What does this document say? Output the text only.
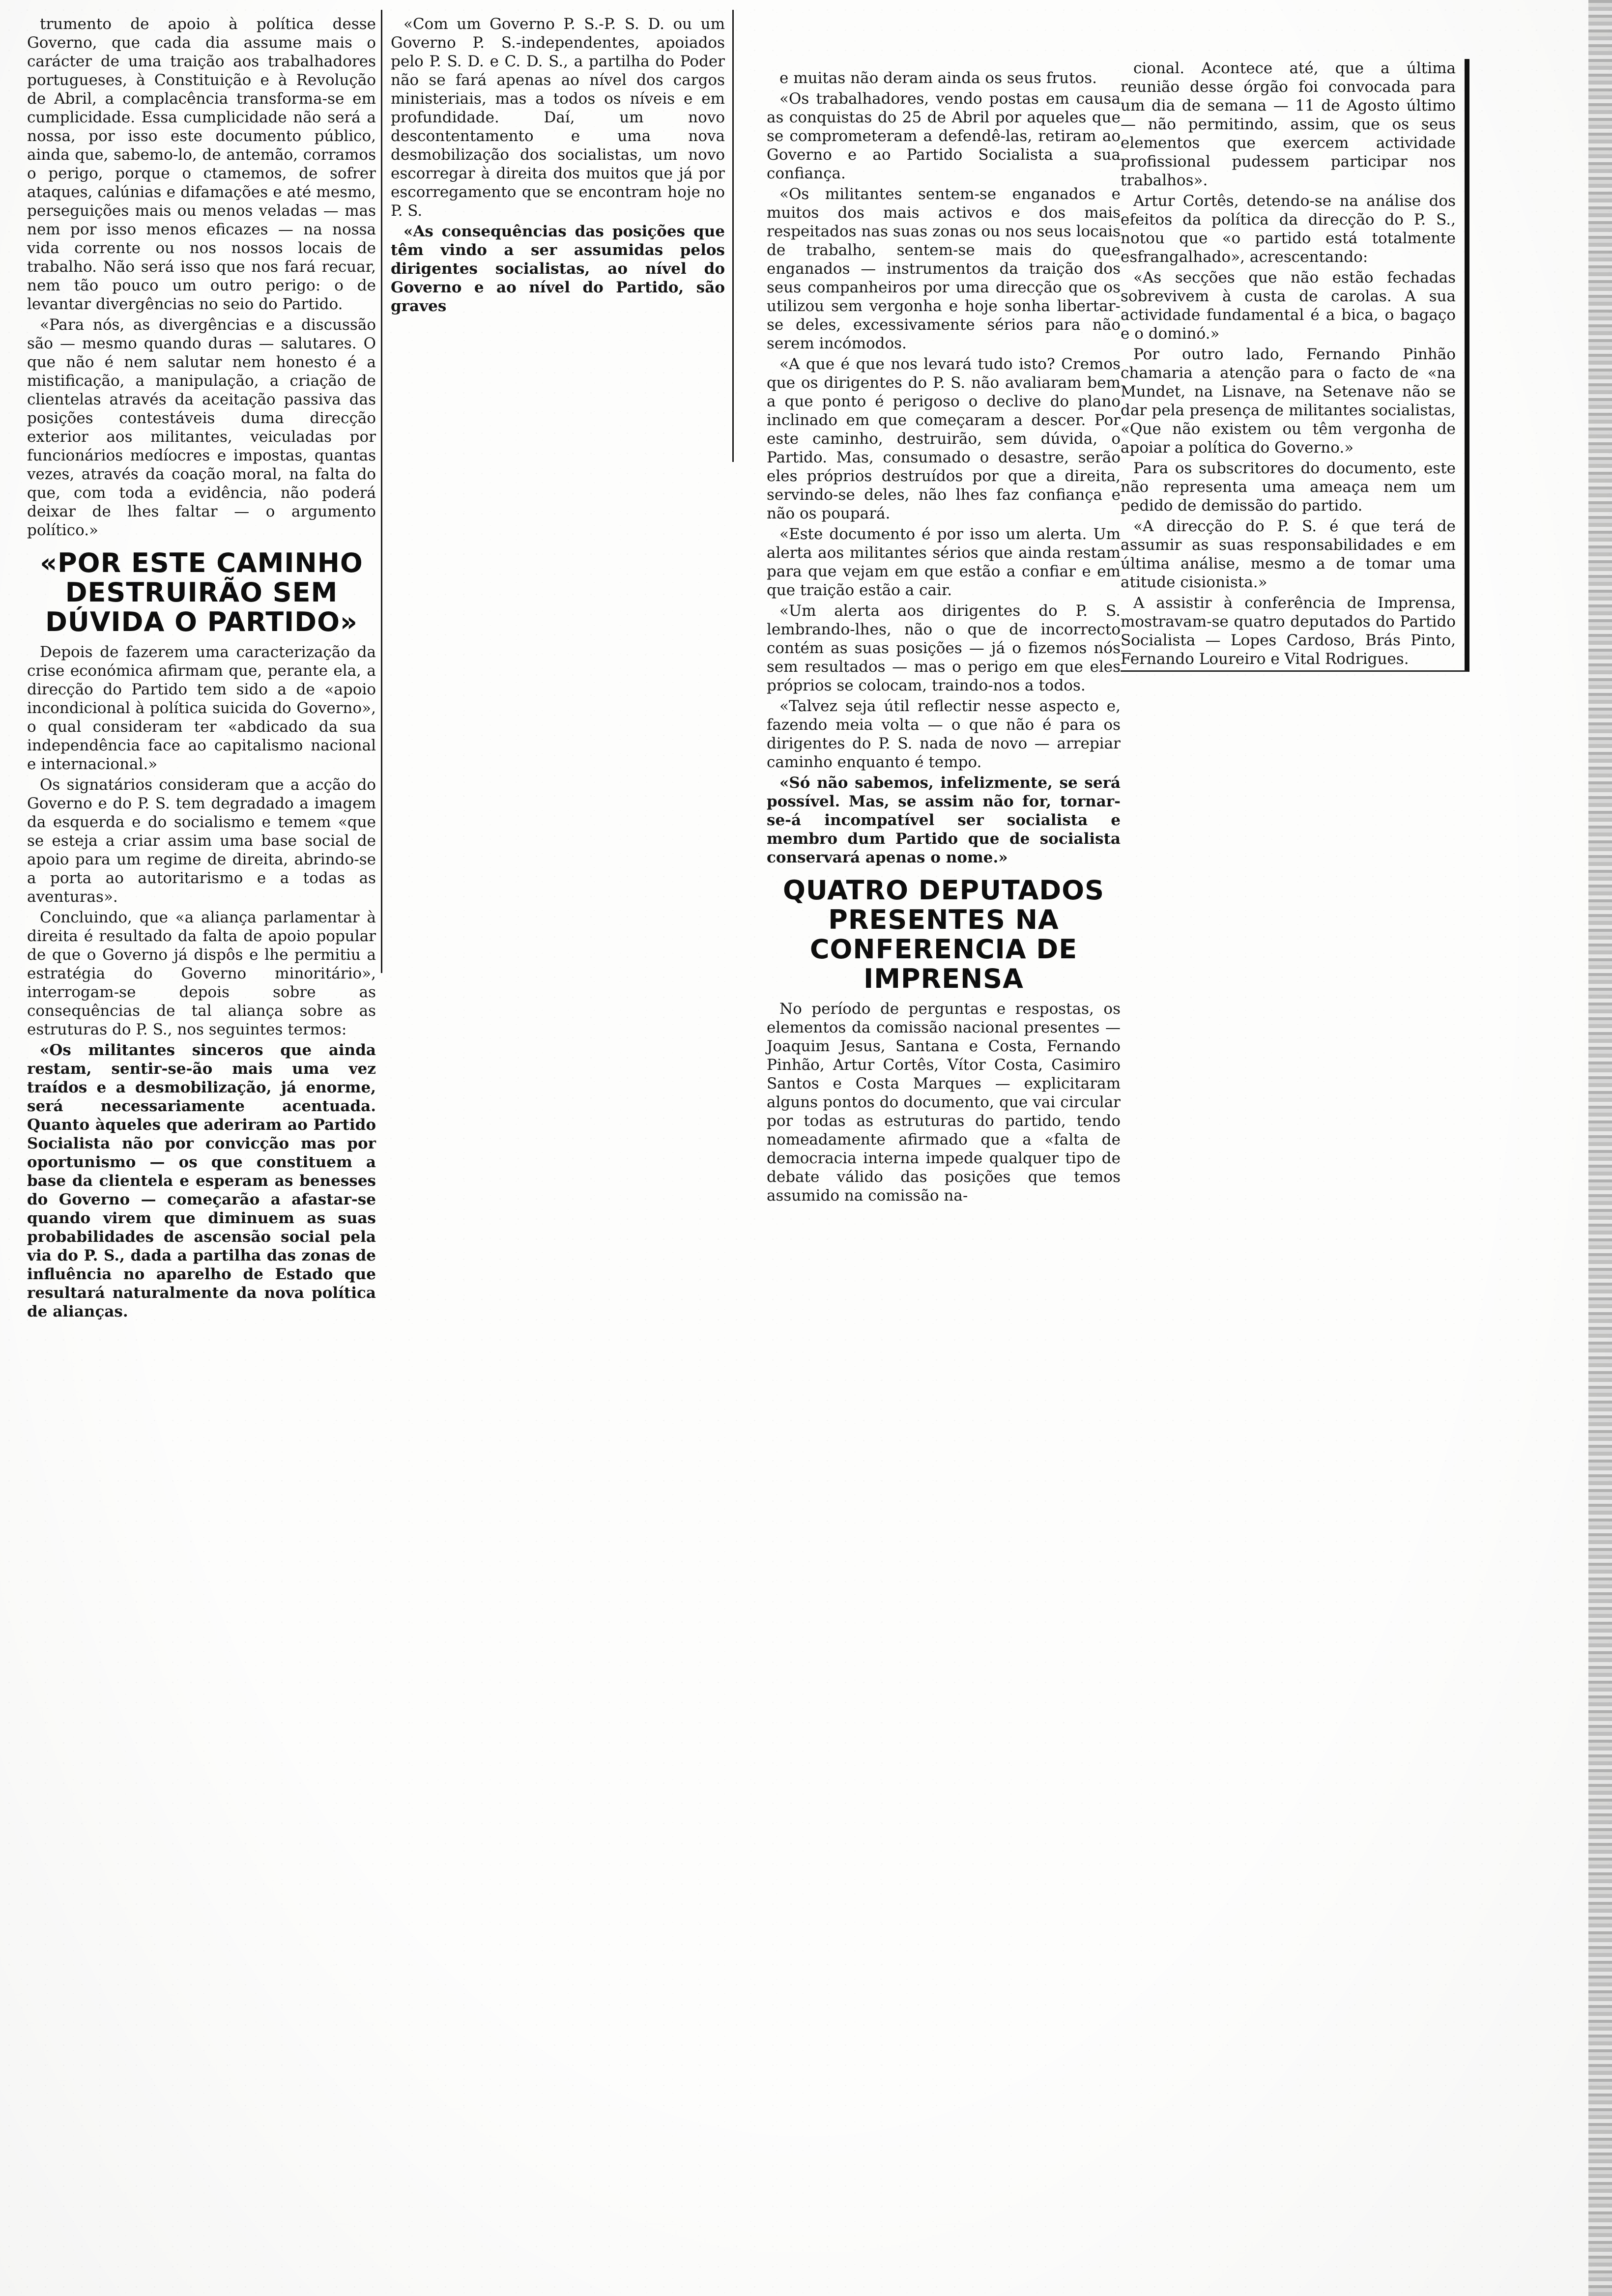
trumento de apoio à política desse Governo, que cada dia assume mais o carácter de uma traição aos trabalhadores portugueses, à Constituição e à Revolução de Abril, a complacência transforma-se em cumplicidade. Essa cumplicidade não será a nossa, por isso este documento público, ainda que, sabemo-lo, de antemão, corramos o perigo, porque o ctamemos, de sofrer ataques, calúnias e difamações e até mesmo, perseguições mais ou menos veladas — mas nem por isso menos eficazes — na nossa vida corrente ou nos nossos locais de trabalho. Não será isso que nos fará recuar, nem tão pouco um outro perigo: o de levantar divergências no seio do Partido.

«Para nós, as divergências e a discussão são — mesmo quando duras — salutares. O que não é nem salutar nem honesto é a mistificação, a manipulação, a criação de clientelas através da aceitação passiva das posições contestáveis duma direcção exterior aos militantes, veiculadas por funcionários medíocres e impostas, quantas vezes, através da coação moral, na falta do que, com toda a evidência, não poderá deixar de lhes faltar — o argumento político.»

«POR ESTE CAMINHO DESTRUIRÃO SEM DÚVIDA O PARTIDO»

Depois de fazerem uma caracterização da crise económica afirmam que, perante ela, a direcção do Partido tem sido a de «apoio incondicional à política suicida do Governo», o qual consideram ter «abdicado da sua independência face ao capitalismo nacional e internacional.»

Os signatários consideram que a acção do Governo e do P. S. tem degradado a imagem da esquerda e do socialismo e temem «que se esteja a criar assim uma base social de apoio para um regime de direita, abrindo-se a porta ao autoritarismo e a todas as aventuras».

Concluindo, que «a aliança parlamentar à direita é resultado da falta de apoio popular de que o Governo já dispôs e lhe permitiu a estratégia do Governo minoritário», interrogam-se depois sobre as consequências de tal aliança sobre as estruturas do P. S., nos seguintes termos:

«Os militantes sinceros que ainda restam, sentir-se-ão mais uma vez traídos e a desmobilização, já enorme, será necessariamente acentuada. Quanto àqueles que aderiram ao Partido Socialista não por convicção mas por oportunismo — os que constituem a base da clientela e esperam as benesses do Governo — começarão a afastar-se quando virem que diminuem as suas probabilidades de ascensão social pela via do P. S., dada a partilha das zonas de influência no aparelho de Estado que resultará naturalmente da nova política de alianças.

«Com um Governo P. S.-P. S. D. ou um Governo P. S.-independentes, apoiados pelo P. S. D. e C. D. S., a partilha do Poder não se fará apenas ao nível dos cargos ministeriais, mas a todos os níveis e em profundidade. Daí, um novo descontentamento e uma nova desmobilização dos socialistas, um novo escorregar à direita dos muitos que já por escorregamento que se encontram hoje no P. S.

«As consequências das posições que têm vindo a ser assumidas pelos dirigentes socialistas, ao nível do Governo e ao nível do Partido, são graves

e muitas não deram ainda os seus frutos.

«Os trabalhadores, vendo postas em causa as conquistas do 25 de Abril por aqueles que se comprometeram a defendê-las, retiram ao Governo e ao Partido Socialista a sua confiança.

«Os militantes sentem-se enganados e muitos dos mais activos e dos mais respeitados nas suas zonas ou nos seus locais de trabalho, sentem-se mais do que enganados — instrumentos da traição dos seus companheiros por uma direcção que os utilizou sem vergonha e hoje sonha libertar-se deles, excessivamente sérios para não serem incómodos.

«A que é que nos levará tudo isto? Cremos que os dirigentes do P. S. não avaliaram bem a que ponto é perigoso o declive do plano inclinado em que começaram a descer. Por este caminho, destruirão, sem dúvida, o Partido. Mas, consumado o desastre, serão eles próprios destruídos por que a direita, servindo-se deles, não lhes faz confiança e não os poupará.

«Este documento é por isso um alerta. Um alerta aos militantes sérios que ainda restam para que vejam em que estão a confiar e em que traição estão a cair.

«Um alerta aos dirigentes do P. S. lembrando-lhes, não o que de incorrecto contém as suas posições — já o fizemos nós sem resultados — mas o perigo em que eles próprios se colocam, traindo-nos a todos.

«Talvez seja útil reflectir nesse aspecto e, fazendo meia volta — o que não é para os dirigentes do P. S. nada de novo — arrepiar caminho enquanto é tempo.

«Só não sabemos, infelizmente, se será possível. Mas, se assim não for, tornar-se-á incompatível ser socialista e membro dum Partido que de socialista conservará apenas o nome.»

QUATRO DEPUTADOS PRESENTES NA CONFERENCIA DE IMPRENSA

No período de perguntas e respostas, os elementos da comissão nacional presentes — Joaquim Jesus, Santana e Costa, Fernando Pinhão, Artur Cortês, Vítor Costa, Casimiro Santos e Costa Marques — explicitaram alguns pontos do documento, que vai circular por todas as estruturas do partido, tendo nomeadamente afirmado que a «falta de democracia interna impede qualquer tipo de debate válido das posições que temos assumido na comissão na-

cional. Acontece até, que a última reunião desse órgão foi convocada para um dia de semana — 11 de Agosto último — não permitindo, assim, que os seus elementos que exercem actividade profissional pudessem participar nos trabalhos».

Artur Cortês, detendo-se na análise dos efeitos da política da direcção do P. S., notou que «o partido está totalmente esfrangalhado», acrescentando:

«As secções que não estão fechadas sobrevivem à custa de carolas. A sua actividade fundamental é a bica, o bagaço e o dominó.»

Por outro lado, Fernando Pinhão chamaria a atenção para o facto de «na Mundet, na Lisnave, na Setenave não se dar pela presença de militantes socialistas, «Que não existem ou têm vergonha de apoiar a política do Governo.»

Para os subscritores do documento, este não representa uma ameaça nem um pedido de demissão do partido.

«A direcção do P. S. é que terá de assumir as suas responsabilidades e em última análise, mesmo a de tomar uma atitude cisionista.»

A assistir à conferência de Imprensa, mostravam-se quatro deputados do Partido Socialista — Lopes Cardoso, Brás Pinto, Fernando Loureiro e Vital Rodrigues.
